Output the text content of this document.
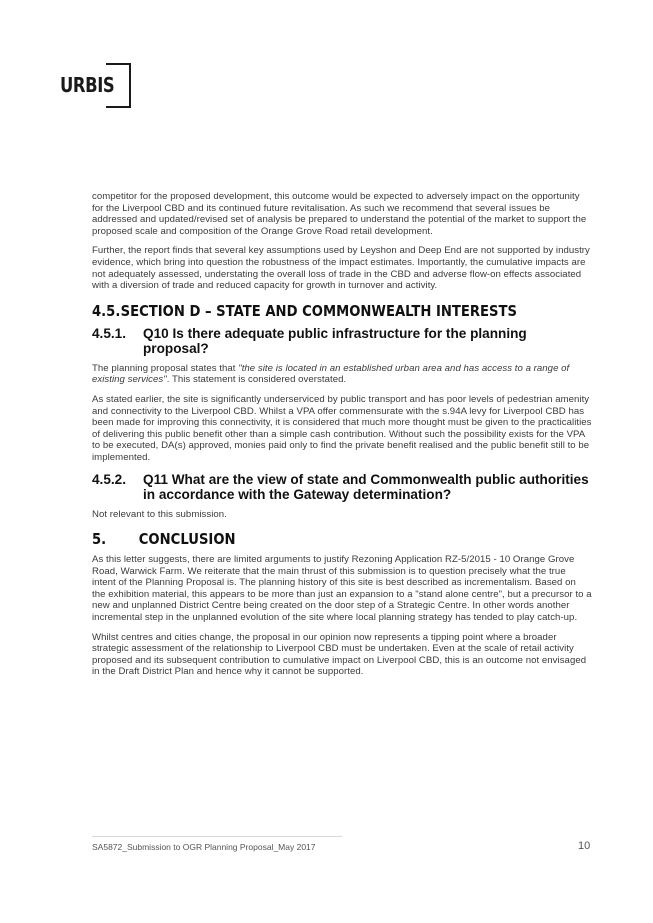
URBIS

competitor for the proposed development, this outcome would be expected to adversely impact on the opportunity for the Liverpool CBD and its continued future revitalisation. As such we recommend that several issues be addressed and updated/revised set of analysis be prepared to understand the potential of the market to support the proposed scale and composition of the Orange Grove Road retail development.

Further, the report finds that several key assumptions used by Leyshon and Deep End are not supported by industry evidence, which bring into question the robustness of the impact estimates. Importantly, the cumulative impacts are not adequately assessed, understating the overall loss of trade in the CBD and adverse flow-on effects associated with a diversion of trade and reduced capacity for growth in turnover and activity.

4.5. SECTION D – STATE AND COMMONWEALTH INTERESTS
4.5.1.	Q10 Is there adequate public infrastructure for the planning proposal?

The planning proposal states that "the site is located in an established urban area and has access to a range of existing services". This statement is considered overstated.

As stated earlier, the site is significantly underserviced by public transport and has poor levels of pedestrian amenity and connectivity to the Liverpool CBD. Whilst a VPA offer commensurate with the s.94A levy for Liverpool CBD has been made for improving this connectivity, it is considered that much more thought must be given to the practicalities of delivering this public benefit other than a simple cash contribution. Without such the possibility exists for the VPA to be executed, DA(s) approved, monies paid only to find the private benefit realised and the public benefit still to be implemented.

4.5.2.	Q11 What are the view of state and Commonwealth public authorities in accordance with the Gateway determination?

Not relevant to this submission.

5.	CONCLUSION

As this letter suggests, there are limited arguments to justify Rezoning Application RZ-5/2015 - 10 Orange Grove Road, Warwick Farm. We reiterate that the main thrust of this submission is to question precisely what the true intent of the Planning Proposal is. The planning history of this site is best described as incrementalism. Based on the exhibition material, this appears to be more than just an expansion to a "stand alone centre", but a precursor to a new and unplanned District Centre being created on the door step of a Strategic Centre. In other words another incremental step in the unplanned evolution of the site where local planning strategy has tended to play catch-up.

Whilst centres and cities change, the proposal in our opinion now represents a tipping point where a broader strategic assessment of the relationship to Liverpool CBD must be undertaken. Even at the scale of retail activity proposed and its subsequent contribution to cumulative impact on Liverpool CBD, this is an outcome not envisaged in the Draft District Plan and hence why it cannot be supported.

SA5872_Submission to OGR Planning Proposal_May 2017	10
